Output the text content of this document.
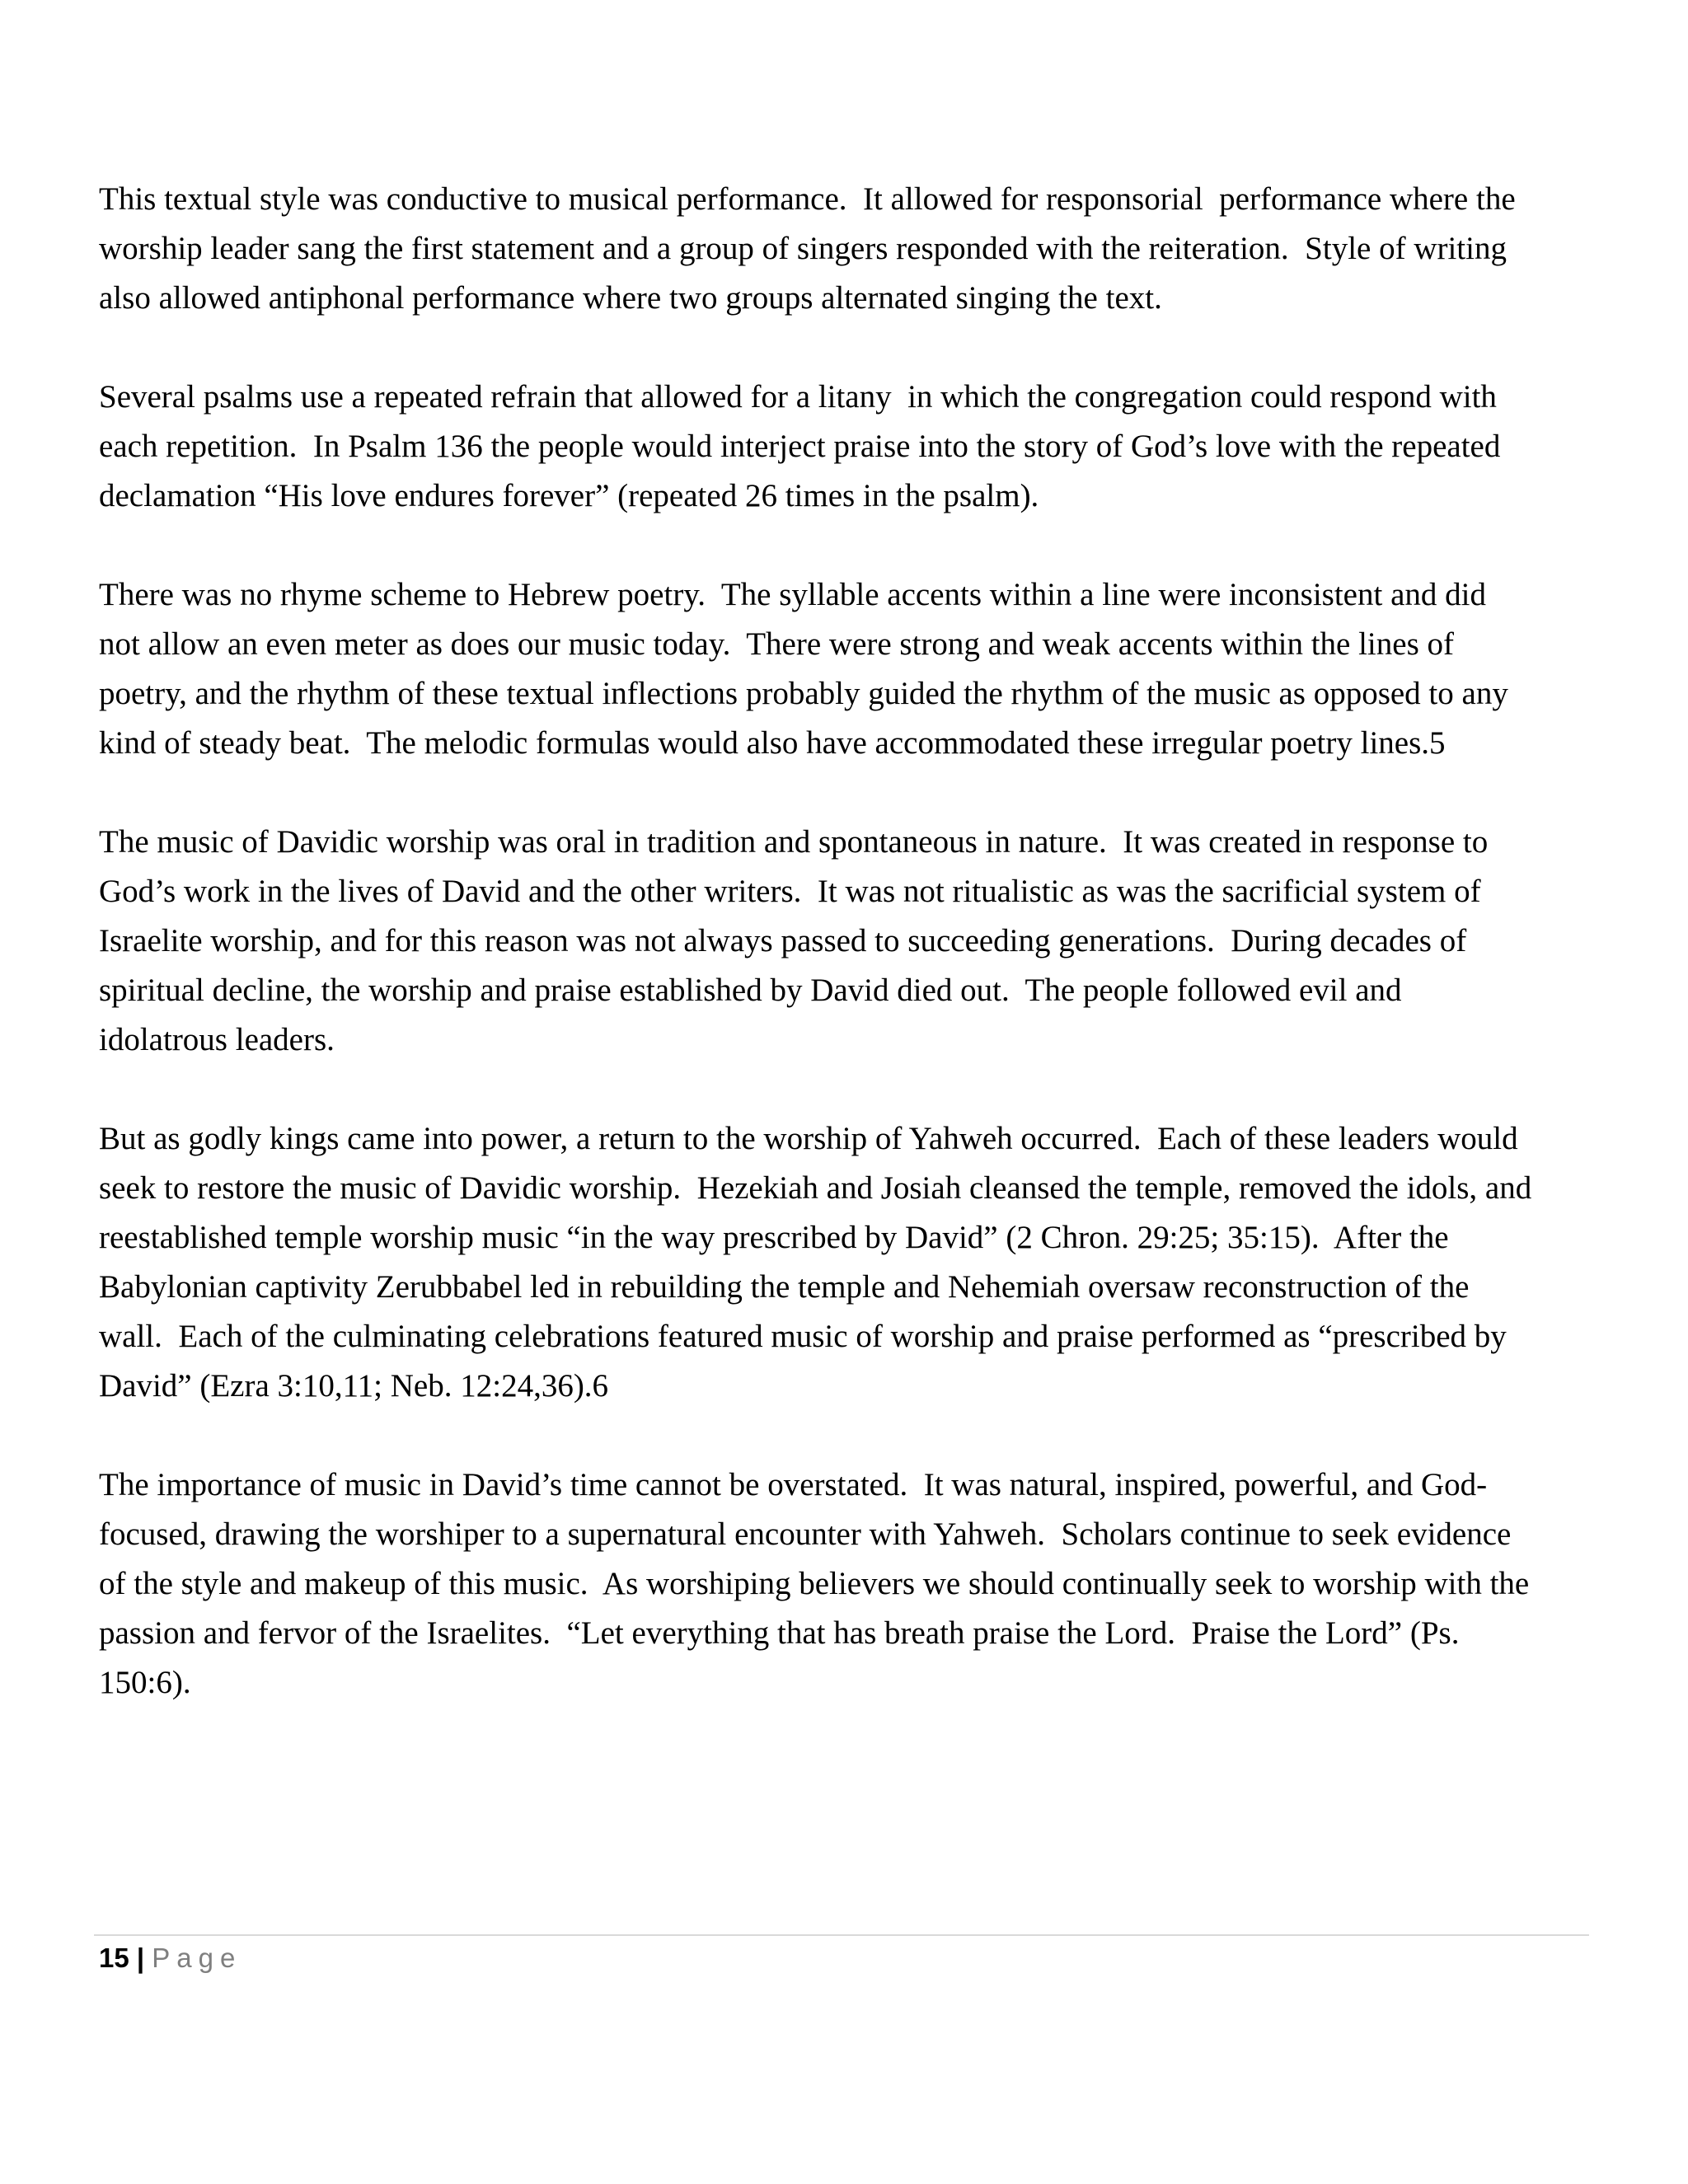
This textual style was conductive to musical performance.  It allowed for responsorial  performance where the worship leader sang the first statement and a group of singers responded with the reiteration.  Style of writing also allowed antiphonal performance where two groups alternated singing the text.

Several psalms use a repeated refrain that allowed for a litany  in which the congregation could respond with each repetition.  In Psalm 136 the people would interject praise into the story of God’s love with the repeated declamation “His love endures forever” (repeated 26 times in the psalm).

There was no rhyme scheme to Hebrew poetry.  The syllable accents within a line were inconsistent and did not allow an even meter as does our music today.  There were strong and weak accents within the lines of poetry, and the rhythm of these textual inflections probably guided the rhythm of the music as opposed to any kind of steady beat.  The melodic formulas would also have accommodated these irregular poetry lines.5

The music of Davidic worship was oral in tradition and spontaneous in nature.  It was created in response to God’s work in the lives of David and the other writers.  It was not ritualistic as was the sacrificial system of Israelite worship, and for this reason was not always passed to succeeding generations.  During decades of spiritual decline, the worship and praise established by David died out.  The people followed evil and idolatrous leaders.

But as godly kings came into power, a return to the worship of Yahweh occurred.  Each of these leaders would seek to restore the music of Davidic worship.  Hezekiah and Josiah cleansed the temple, removed the idols, and reestablished temple worship music “in the way prescribed by David” (2 Chron. 29:25; 35:15).  After the Babylonian captivity Zerubbabel led in rebuilding the temple and Nehemiah oversaw reconstruction of the wall.  Each of the culminating celebrations featured music of worship and praise performed as “prescribed by David” (Ezra 3:10,11; Neb. 12:24,36).6

The importance of music in David’s time cannot be overstated.  It was natural, inspired, powerful, and God-focused, drawing the worshiper to a supernatural encounter with Yahweh.  Scholars continue to seek evidence of the style and makeup of this music.  As worshiping believers we should continually seek to worship with the passion and fervor of the Israelites.  “Let everything that has breath praise the Lord.  Praise the Lord” (Ps. 150:6).

15 | Page
